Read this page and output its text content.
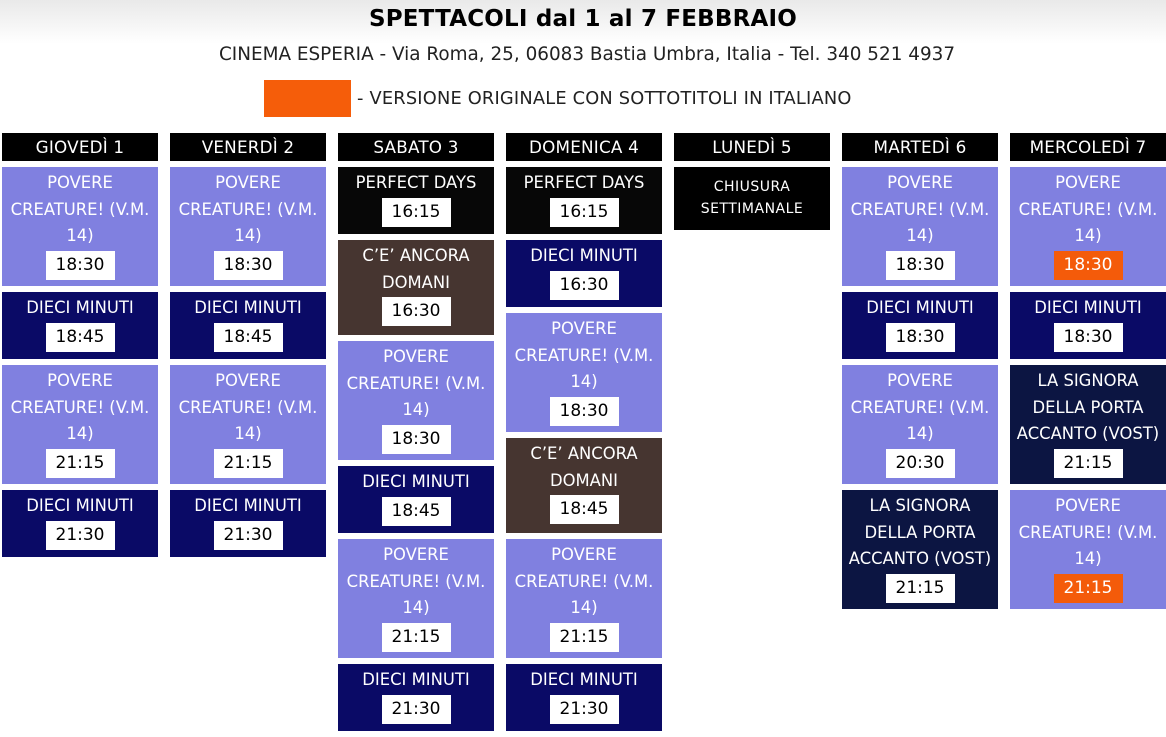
SPETTACOLI dal 1 al 7 FEBBRAIO
CINEMA ESPERIA - Via Roma, 25, 06083 Bastia Umbra, Italia - Tel. 340 521 4937
- VERSIONE ORIGINALE CON SOTTOTITOLI IN ITALIANO
GIOVEDÌ 1
POVERE CREATURE! (V.M. 14)
18:30
DIECI MINUTI
18:45
POVERE CREATURE! (V.M. 14)
21:15
DIECI MINUTI
21:30
VENERDÌ 2
POVERE CREATURE! (V.M. 14)
18:30
DIECI MINUTI
18:45
POVERE CREATURE! (V.M. 14)
21:15
DIECI MINUTI
21:30
SABATO 3
PERFECT DAYS
16:15
C’E’ ANCORA DOMANI
16:30
POVERE CREATURE! (V.M. 14)
18:30
DIECI MINUTI
18:45
POVERE CREATURE! (V.M. 14)
21:15
DIECI MINUTI
21:30
DOMENICA 4
PERFECT DAYS
16:15
DIECI MINUTI
16:30
POVERE CREATURE! (V.M. 14)
18:30
C’E’ ANCORA DOMANI
18:45
POVERE CREATURE! (V.M. 14)
21:15
DIECI MINUTI
21:30
LUNEDÌ 5
CHIUSURA SETTIMANALE
MARTEDÌ 6
POVERE CREATURE! (V.M. 14)
18:30
DIECI MINUTI
18:30
POVERE CREATURE! (V.M. 14)
20:30
LA SIGNORA DELLA PORTA ACCANTO (VOST)
21:15
MERCOLEDÌ 7
POVERE CREATURE! (V.M. 14)
18:30
DIECI MINUTI
18:30
LA SIGNORA DELLA PORTA ACCANTO (VOST)
21:15
POVERE CREATURE! (V.M. 14)
21:15
